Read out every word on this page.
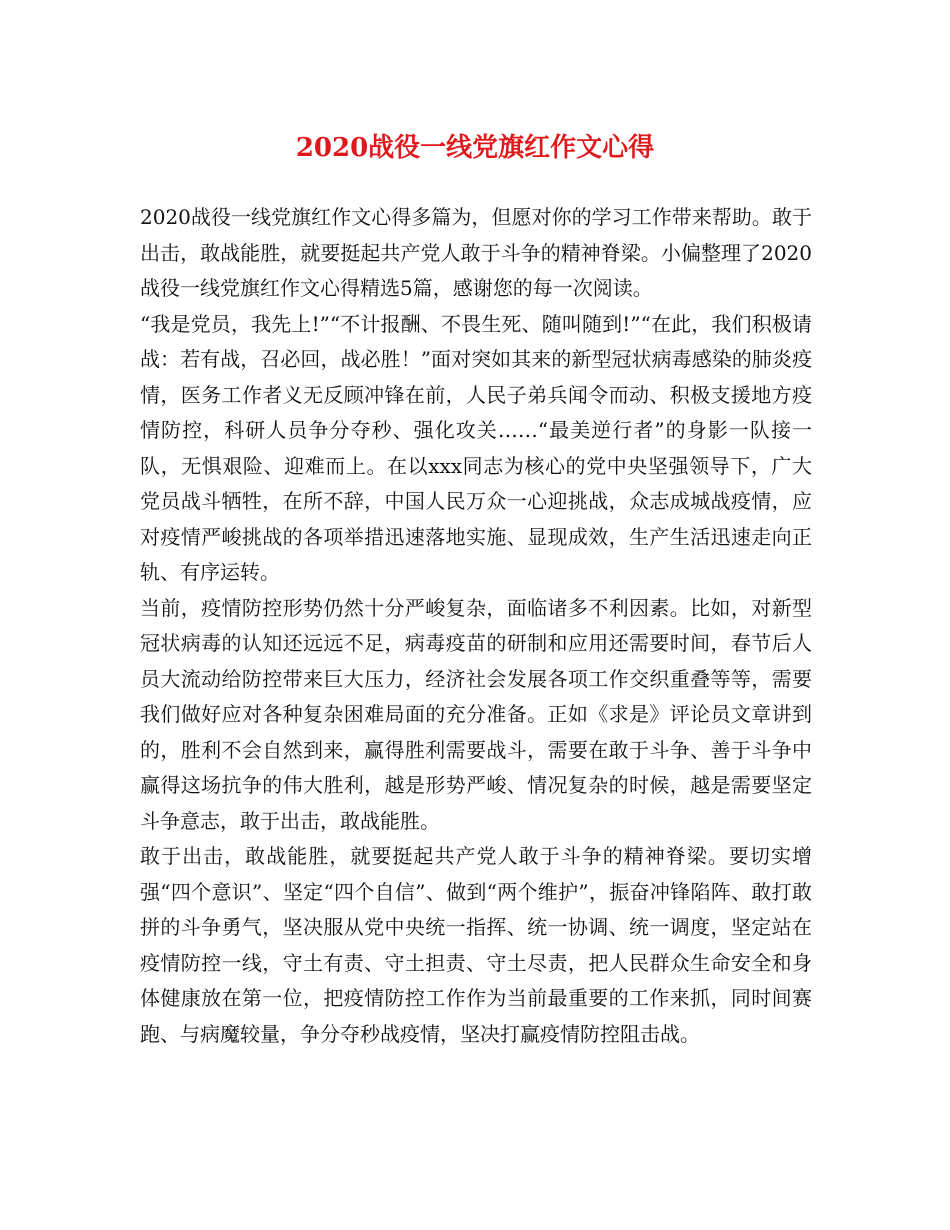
2020战役一线党旗红作文心得

2020战役一线党旗红作文心得多篇为，但愿对你的学习工作带来帮助。敢于出击，敢战能胜，就要挺起共产党人敢于斗争的精神脊梁。小偏整理了2020战役一线党旗红作文心得精选5篇，感谢您的每一次阅读。

“我是党员，我先上!”“不计报酬、不畏生死、随叫随到!”“在此，我们积极请战：若有战，召必回，战必胜！”面对突如其来的新型冠状病毒感染的肺炎疫情，医务工作者义无反顾冲锋在前，人民子弟兵闻令而动、积极支援地方疫情防控，科研人员争分夺秒、强化攻关……“最美逆行者”的身影一队接一队，无惧艰险、迎难而上。在以xxx同志为核心的党中央坚强领导下，广大党员战斗牺牲，在所不辞，中国人民万众一心迎挑战，众志成城战疫情，应对疫情严峻挑战的各项举措迅速落地实施、显现成效，生产生活迅速走向正轨、有序运转。

当前，疫情防控形势仍然十分严峻复杂，面临诸多不利因素。比如，对新型冠状病毒的认知还远远不足，病毒疫苗的研制和应用还需要时间，春节后人员大流动给防控带来巨大压力，经济社会发展各项工作交织重叠等等，需要我们做好应对各种复杂困难局面的充分准备。正如《求是》评论员文章讲到的，胜利不会自然到来，赢得胜利需要战斗，需要在敢于斗争、善于斗争中赢得这场抗争的伟大胜利，越是形势严峻、情况复杂的时候，越是需要坚定斗争意志，敢于出击，敢战能胜。

敢于出击，敢战能胜，就要挺起共产党人敢于斗争的精神脊梁。要切实增强“四个意识”、坚定“四个自信”、做到“两个维护”，振奋冲锋陷阵、敢打敢拼的斗争勇气，坚决服从党中央统一指挥、统一协调、统一调度，坚定站在疫情防控一线，守土有责、守土担责、守土尽责，把人民群众生命安全和身体健康放在第一位，把疫情防控工作作为当前最重要的工作来抓，同时间赛跑、与病魔较量，争分夺秒战疫情，坚决打赢疫情防控阻击战。
